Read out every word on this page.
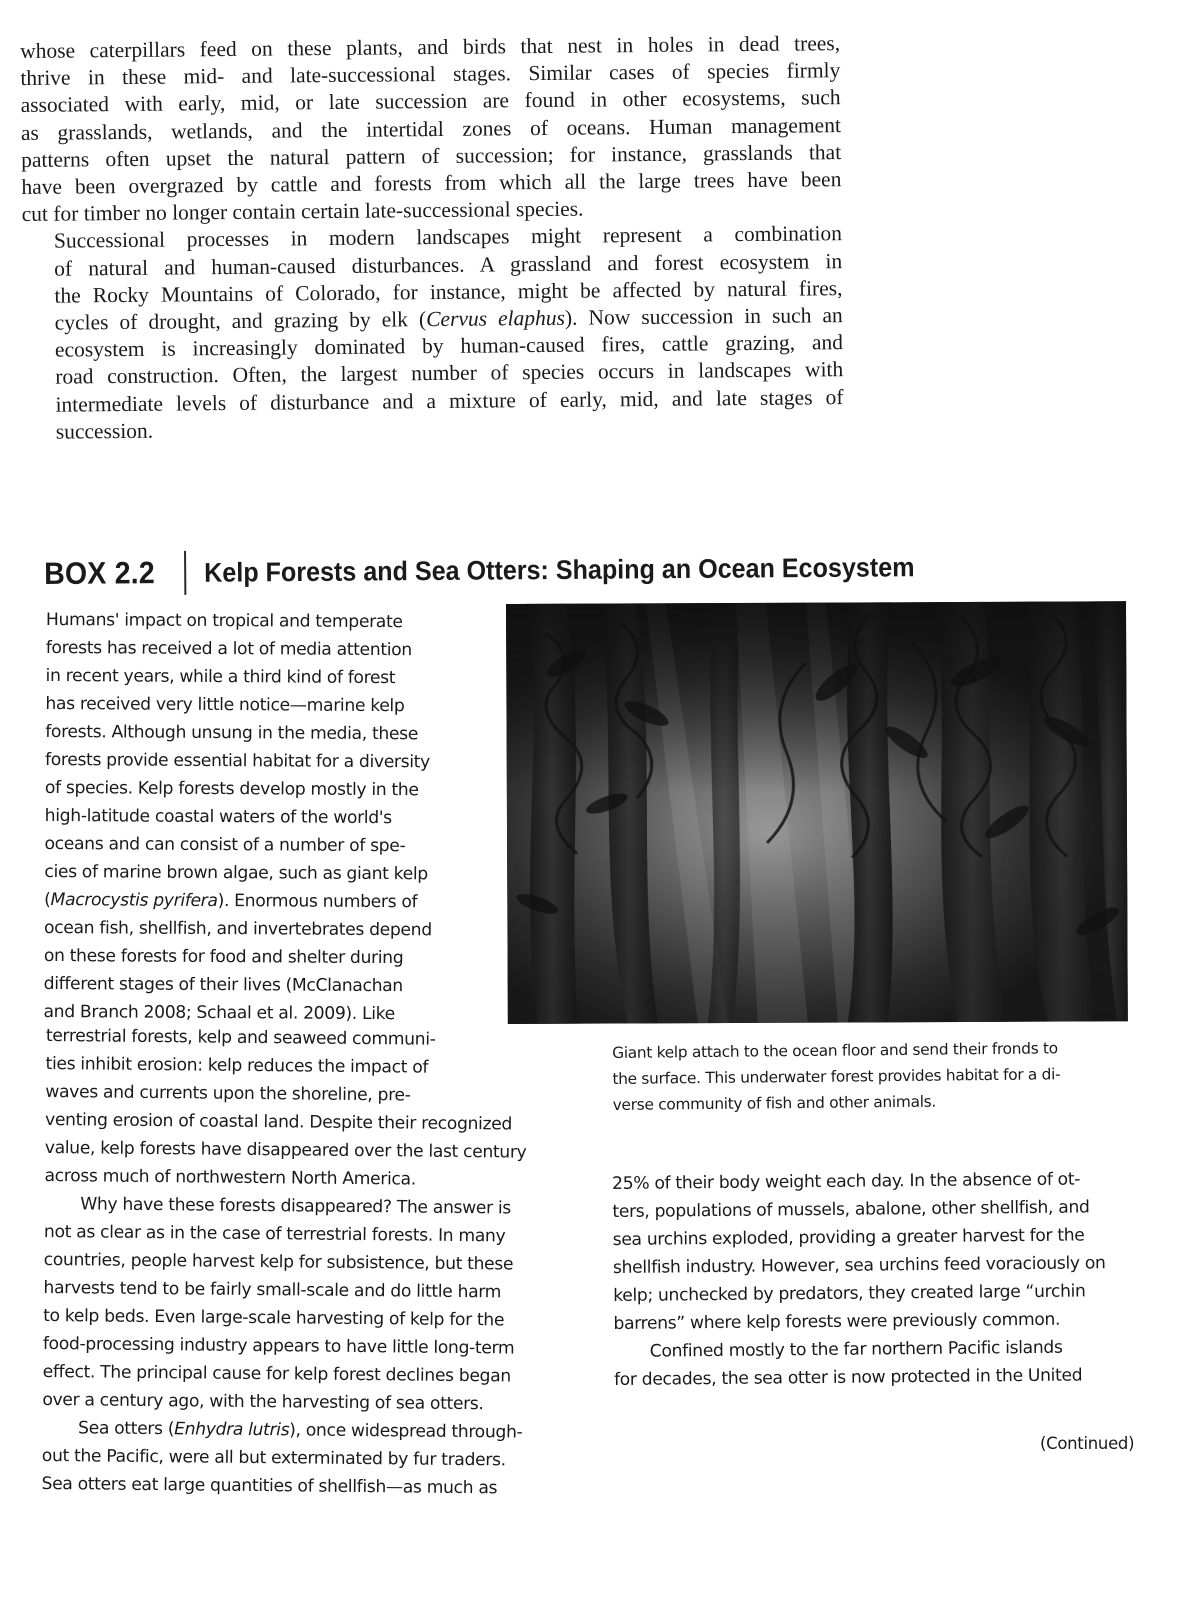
whose caterpillars feed on these plants, and birds that nest in holes in dead trees,
thrive in these mid- and late-successional stages. Similar cases of species firmly
associated with early, mid, or late succession are found in other ecosystems, such
as grasslands, wetlands, and the intertidal zones of oceans. Human management
patterns often upset the natural pattern of succession; for instance, grasslands that
have been overgrazed by cattle and forests from which all the large trees have been
cut for timber no longer contain certain late-successional species.

Successional processes in modern landscapes might represent a combination
of natural and human-caused disturbances. A grassland and forest ecosystem in
the Rocky Mountains of Colorado, for instance, might be affected by natural fires,
cycles of drought, and grazing by elk (Cervus elaphus). Now succession in such an
ecosystem is increasingly dominated by human-caused fires, cattle grazing, and
road construction. Often, the largest number of species occurs in landscapes with
intermediate levels of disturbance and a mixture of early, mid, and late stages of
succession.

BOX 2.2 Kelp Forests and Sea Otters: Shaping an Ocean Ecosystem
Humans' impact on tropical and temperate
forests has received a lot of media attention
in recent years, while a third kind of forest
has received very little notice—marine kelp
forests. Although unsung in the media, these
forests provide essential habitat for a diversity
of species. Kelp forests develop mostly in the
high-latitude coastal waters of the world's
oceans and can consist of a number of spe-
cies of marine brown algae, such as giant kelp
(Macrocystis pyrifera). Enormous numbers of
ocean fish, shellfish, and invertebrates depend
on these forests for food and shelter during
different stages of their lives (McClanachan
and Branch 2008; Schaal et al. 2009). Like
terrestrial forests, kelp and seaweed communi-
ties inhibit erosion: kelp reduces the impact of
waves and currents upon the shoreline, pre-
venting erosion of coastal land. Despite their recognized
value, kelp forests have disappeared over the last century
across much of northwestern North America.
Why have these forests disappeared? The answer is
not as clear as in the case of terrestrial forests. In many
countries, people harvest kelp for subsistence, but these
harvests tend to be fairly small-scale and do little harm
to kelp beds. Even large-scale harvesting of kelp for the
food-processing industry appears to have little long-term
effect. The principal cause for kelp forest declines began
over a century ago, with the harvesting of sea otters.
Sea otters (Enhydra lutris), once widespread through-
out the Pacific, were all but exterminated by fur traders.
Sea otters eat large quantities of shellfish—as much as
Giant kelp attach to the ocean floor and send their fronds to
the surface. This underwater forest provides habitat for a di-
verse community of fish and other animals.
25% of their body weight each day. In the absence of ot-
ters, populations of mussels, abalone, other shellfish, and
sea urchins exploded, providing a greater harvest for the
shellfish industry. However, sea urchins feed voraciously on
kelp; unchecked by predators, they created large “urchin
barrens” where kelp forests were previously common.
Confined mostly to the far northern Pacific islands
for decades, the sea otter is now protected in the United
(Continued)
